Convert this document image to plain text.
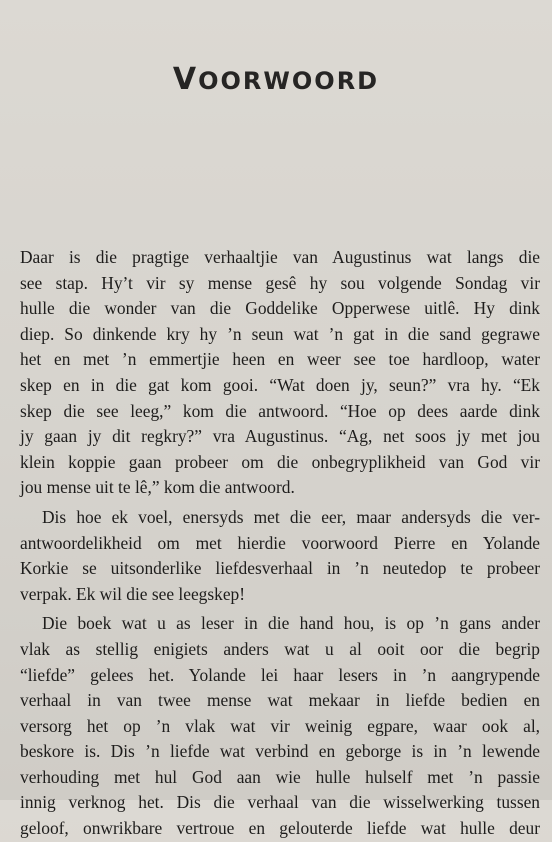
VOORWOORD

Daar is die pragtige verhaaltjie van Augustinus wat langs die
see stap. Hy’t vir sy mense gesê hy sou volgende Sondag vir
hulle die wonder van die Goddelike Opperwese uitlê. Hy dink
diep. So dinkende kry hy ’n seun wat ’n gat in die sand gegrawe
het en met ’n emmertjie heen en weer see toe hardloop, water
skep en in die gat kom gooi. “Wat doen jy, seun?” vra hy. “Ek
skep die see leeg,” kom die antwoord. “Hoe op dees aarde dink
jy gaan jy dit regkry?” vra Augustinus. “Ag, net soos jy met jou
klein koppie gaan probeer om die onbegryplikheid van God vir
jou mense uit te lê,” kom die antwoord.

Dis hoe ek voel, enersyds met die eer, maar andersyds die ver-
antwoordelikheid om met hierdie voorwoord Pierre en Yolande
Korkie se uitsonderlike liefdesverhaal in ’n neutedop te probeer
verpak. Ek wil die see leegskep!

Die boek wat u as leser in die hand hou, is op ’n gans ander
vlak as stellig enigiets anders wat u al ooit oor die begrip
“liefde” gelees het. Yolande lei haar lesers in ’n aangrypende
verhaal in van twee mense wat mekaar in liefde bedien en
versorg het op ’n vlak wat vir weinig egpare, waar ook al,
beskore is. Dis ’n liefde wat verbind en geborge is in ’n lewende
verhouding met hul God aan wie hulle hulself met ’n passie
innig verknog het. Dis die verhaal van die wisselwerking tussen
geloof, onwrikbare vertroue en gelouterde liefde wat hulle deur
